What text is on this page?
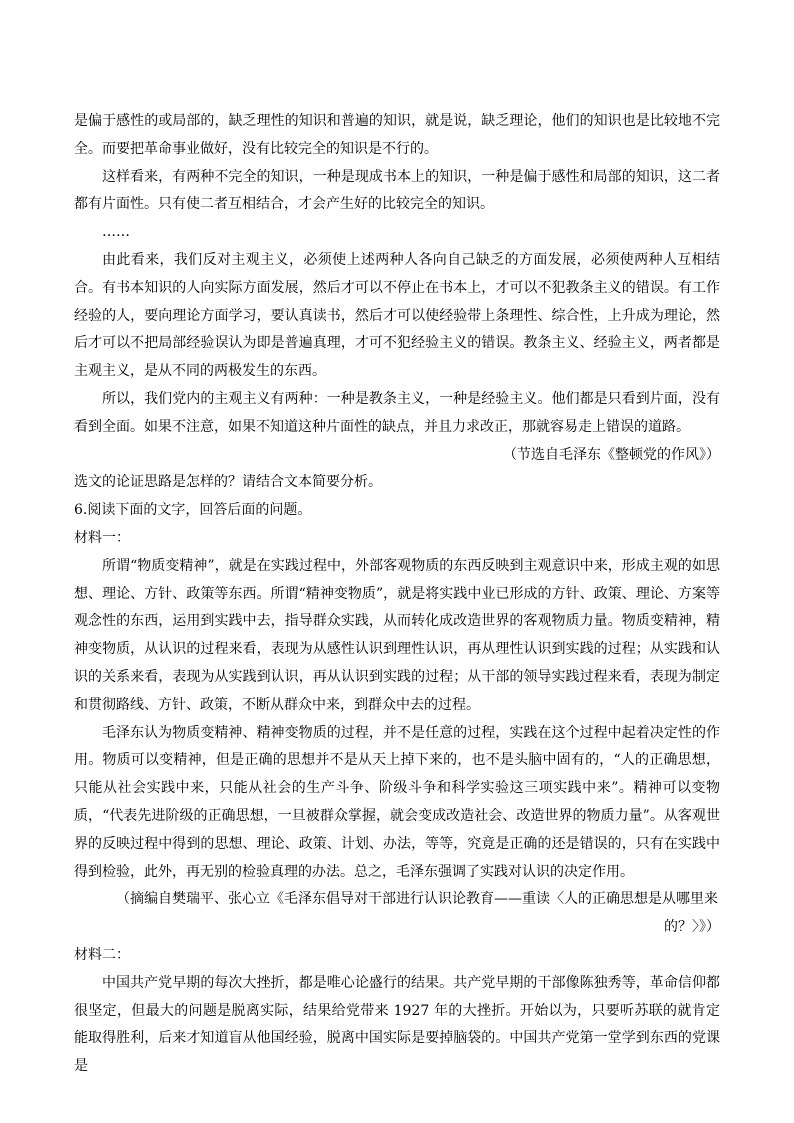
是偏于感性的或局部的，缺乏理性的知识和普遍的知识，就是说，缺乏理论，他们的知识也是比较地不完全。而要把革命事业做好，没有比较完全的知识是不行的。

这样看来，有两种不完全的知识，一种是现成书本上的知识，一种是偏于感性和局部的知识，这二者都有片面性。只有使二者互相结合，才会产生好的比较完全的知识。

……

由此看来，我们反对主观主义，必须使上述两种人各向自己缺乏的方面发展，必须使两种人互相结合。有书本知识的人向实际方面发展，然后才可以不停止在书本上，才可以不犯教条主义的错误。有工作经验的人，要向理论方面学习，要认真读书，然后才可以使经验带上条理性、综合性，上升成为理论，然后才可以不把局部经验误认为即是普遍真理，才可不犯经验主义的错误。教条主义、经验主义，两者都是主观主义，是从不同的两极发生的东西。

所以，我们党内的主观主义有两种：一种是教条主义，一种是经验主义。他们都是只看到片面，没有看到全面。如果不注意，如果不知道这种片面性的缺点，并且力求改正，那就容易走上错误的道路。

（节选自毛泽东《整顿党的作风》）

选文的论证思路是怎样的？请结合文本简要分析。

6.阅读下面的文字，回答后面的问题。

材料一：

所谓“物质变精神”，就是在实践过程中，外部客观物质的东西反映到主观意识中来，形成主观的如思想、理论、方针、政策等东西。所谓“精神变物质”，就是将实践中业已形成的方针、政策、理论、方案等观念性的东西，运用到实践中去，指导群众实践，从而转化成改造世界的客观物质力量。物质变精神，精神变物质，从认识的过程来看，表现为从感性认识到理性认识，再从理性认识到实践的过程；从实践和认识的关系来看，表现为从实践到认识，再从认识到实践的过程；从干部的领导实践过程来看，表现为制定和贯彻路线、方针、政策，不断从群众中来，到群众中去的过程。

毛泽东认为物质变精神、精神变物质的过程，并不是任意的过程，实践在这个过程中起着决定性的作用。物质可以变精神，但是正确的思想并不是从天上掉下来的，也不是头脑中固有的，“人的正确思想，只能从社会实践中来，只能从社会的生产斗争、阶级斗争和科学实验这三项实践中来”。精神可以变物质，“代表先进阶级的正确思想，一旦被群众掌握，就会变成改造社会、改造世界的物质力量”。从客观世界的反映过程中得到的思想、理论、政策、计划、办法，等等，究竟是正确的还是错误的，只有在实践中得到检验，此外，再无别的检验真理的办法。总之，毛泽东强调了实践对认识的决定作用。

（摘编自樊瑞平、张心立《毛泽东倡导对干部进行认识论教育——重读〈人的正确思想是从哪里来

的？〉》）

材料二：

中国共产党早期的每次大挫折，都是唯心论盛行的结果。共产党早期的干部像陈独秀等，革命信仰都很坚定，但最大的问题是脱离实际，结果给党带来 1927 年的大挫折。开始以为，只要听苏联的就肯定能取得胜利，后来才知道盲从他国经验，脱离中国实际是要掉脑袋的。中国共产党第一堂学到东西的党课是
